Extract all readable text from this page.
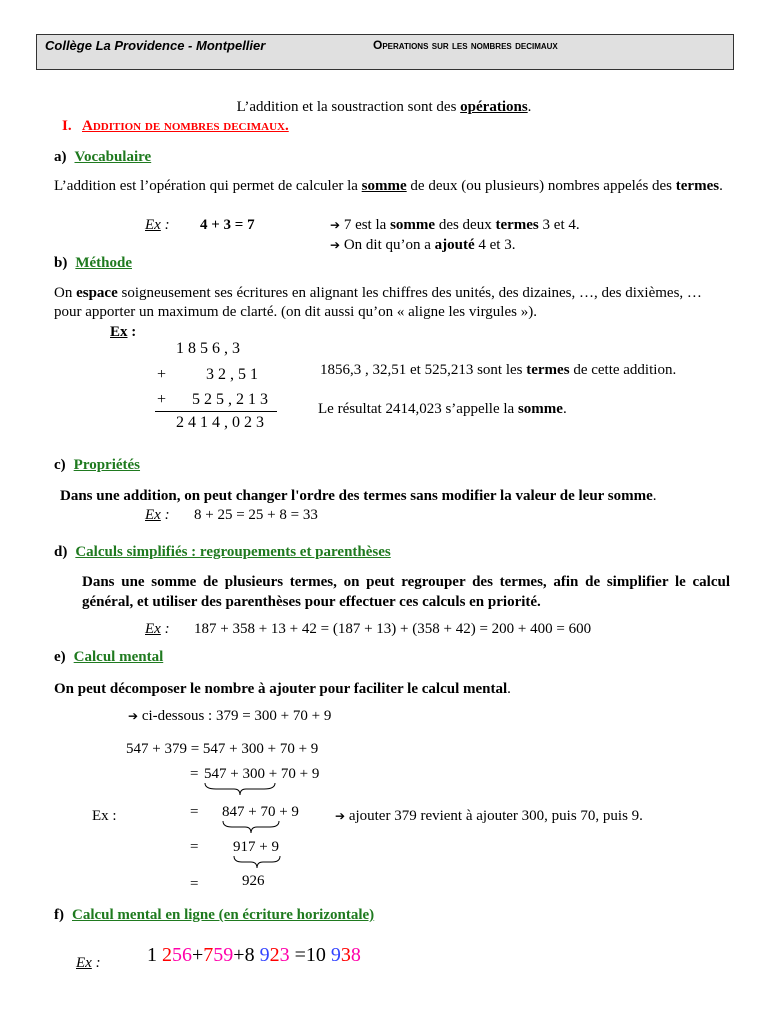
Collège La Providence - Montpellier	Operations sur les nombres decimaux
L’addition et la soustraction sont des opérations.
I. Addition de nombres decimaux.
a) Vocabulaire
L’addition est l’opération qui permet de calculer la somme de deux (ou plusieurs) nombres appelés des termes.
Ex : 4 + 3 = 7	➔ 7 est la somme des deux termes 3 et 4.
➔ On dit qu’on a ajouté 4 et 3.
b) Méthode
On espace soigneusement ses écritures en alignant les chiffres des unités, des dizaines, …, des dixièmes, …
pour apporter un maximum de clarté. (on dit aussi qu’on « aligne les virgules »).
Ex :
1856,3
+ 32,51
+ 525,213
2414,023
1856,3 , 32,51 et 525,213 sont les termes de cette addition.
Le résultat 2414,023 s’appelle la somme.
c) Propriétés
Dans une addition, on peut changer l'ordre des termes sans modifier la valeur de leur somme.
Ex : 8 + 25 = 25 + 8 = 33
d) Calculs simplifiés : regroupements et parenthèses
Dans une somme de plusieurs termes, on peut regrouper des termes, afin de simplifier le calcul général, et utiliser des parenthèses pour effectuer ces calculs en priorité.
Ex : 187 + 358 + 13 + 42 = (187 + 13) + (358 + 42) = 200 + 400 = 600
e) Calcul mental
On peut décomposer le nombre à ajouter pour faciliter le calcul mental.
➔ ci-dessous : 379 = 300 + 70 + 9
547 + 379 = 547 + 300 + 70 + 9
= 547 + 300 + 70 + 9
Ex :	= 847 + 70 + 9	➔ ajouter 379 revient à ajouter 300, puis 70, puis 9.
= 917 + 9
=	926
f) Calcul mental en ligne (en écriture horizontale)
Ex : 1 256+759+8 923 =10 938
